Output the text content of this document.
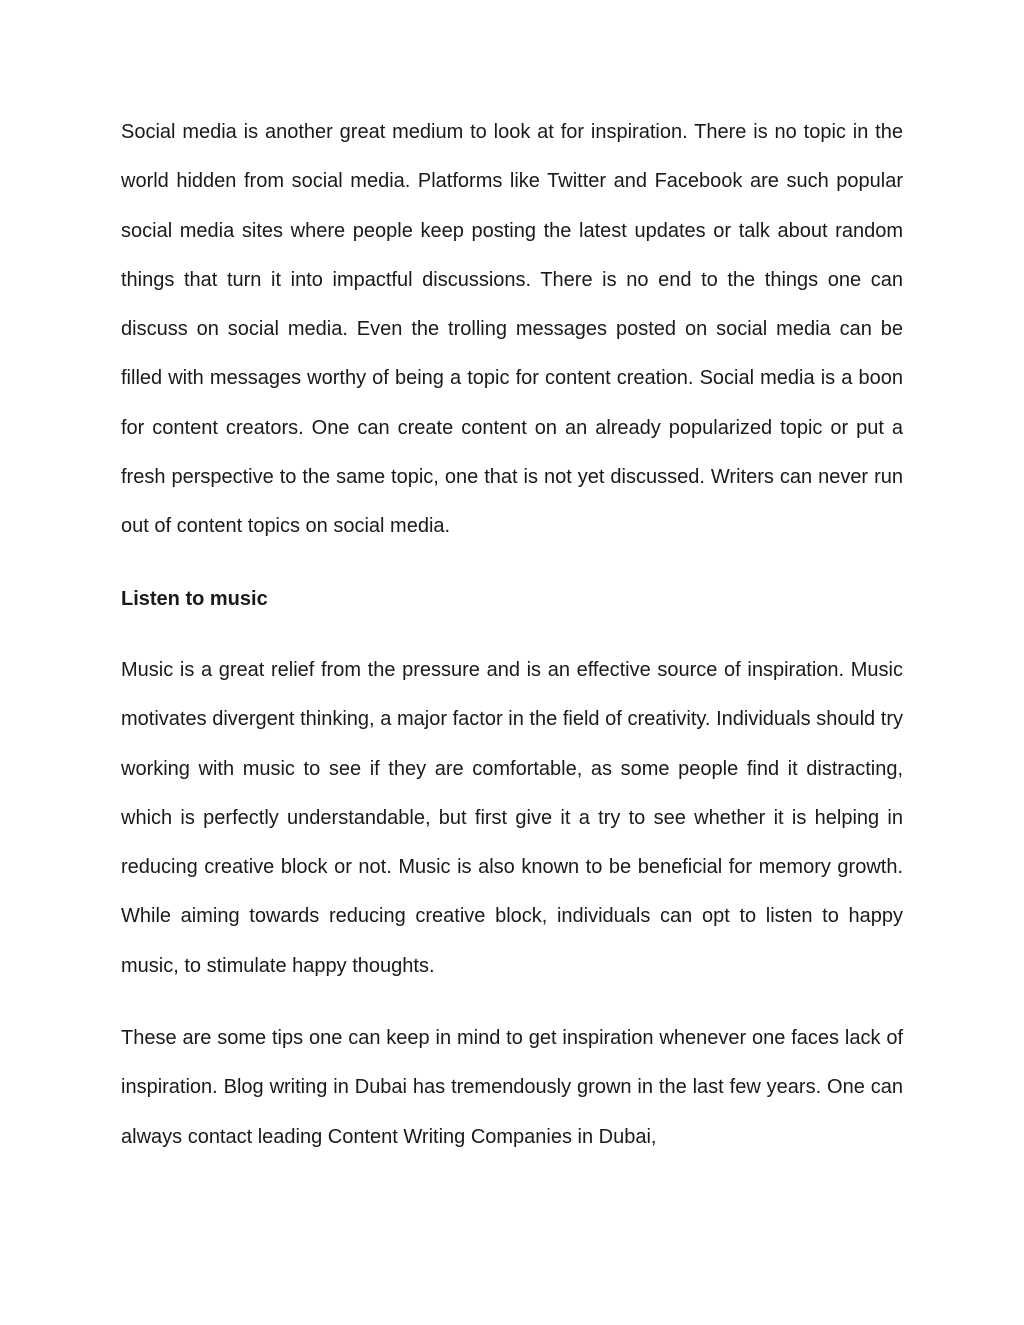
Social media is another great medium to look at for inspiration. There is no topic in the world hidden from social media. Platforms like Twitter and Facebook are such popular social media sites where people keep posting the latest updates or talk about random things that turn it into impactful discussions. There is no end to the things one can discuss on social media. Even the trolling messages posted on social media can be filled with messages worthy of being a topic for content creation. Social media is a boon for content creators. One can create content on an already popularized topic or put a fresh perspective to the same topic, one that is not yet discussed. Writers can never run out of content topics on social media.

Listen to music

Music is a great relief from the pressure and is an effective source of inspiration. Music motivates divergent thinking, a major factor in the field of creativity. Individuals should try working with music to see if they are comfortable, as some people find it distracting, which is perfectly understandable, but first give it a try to see whether it is helping in reducing creative block or not. Music is also known to be beneficial for memory growth. While aiming towards reducing creative block, individuals can opt to listen to happy music, to stimulate happy thoughts.

These are some tips one can keep in mind to get inspiration whenever one faces lack of inspiration. Blog writing in Dubai has tremendously grown in the last few years. One can always contact leading Content Writing Companies in Dubai,
